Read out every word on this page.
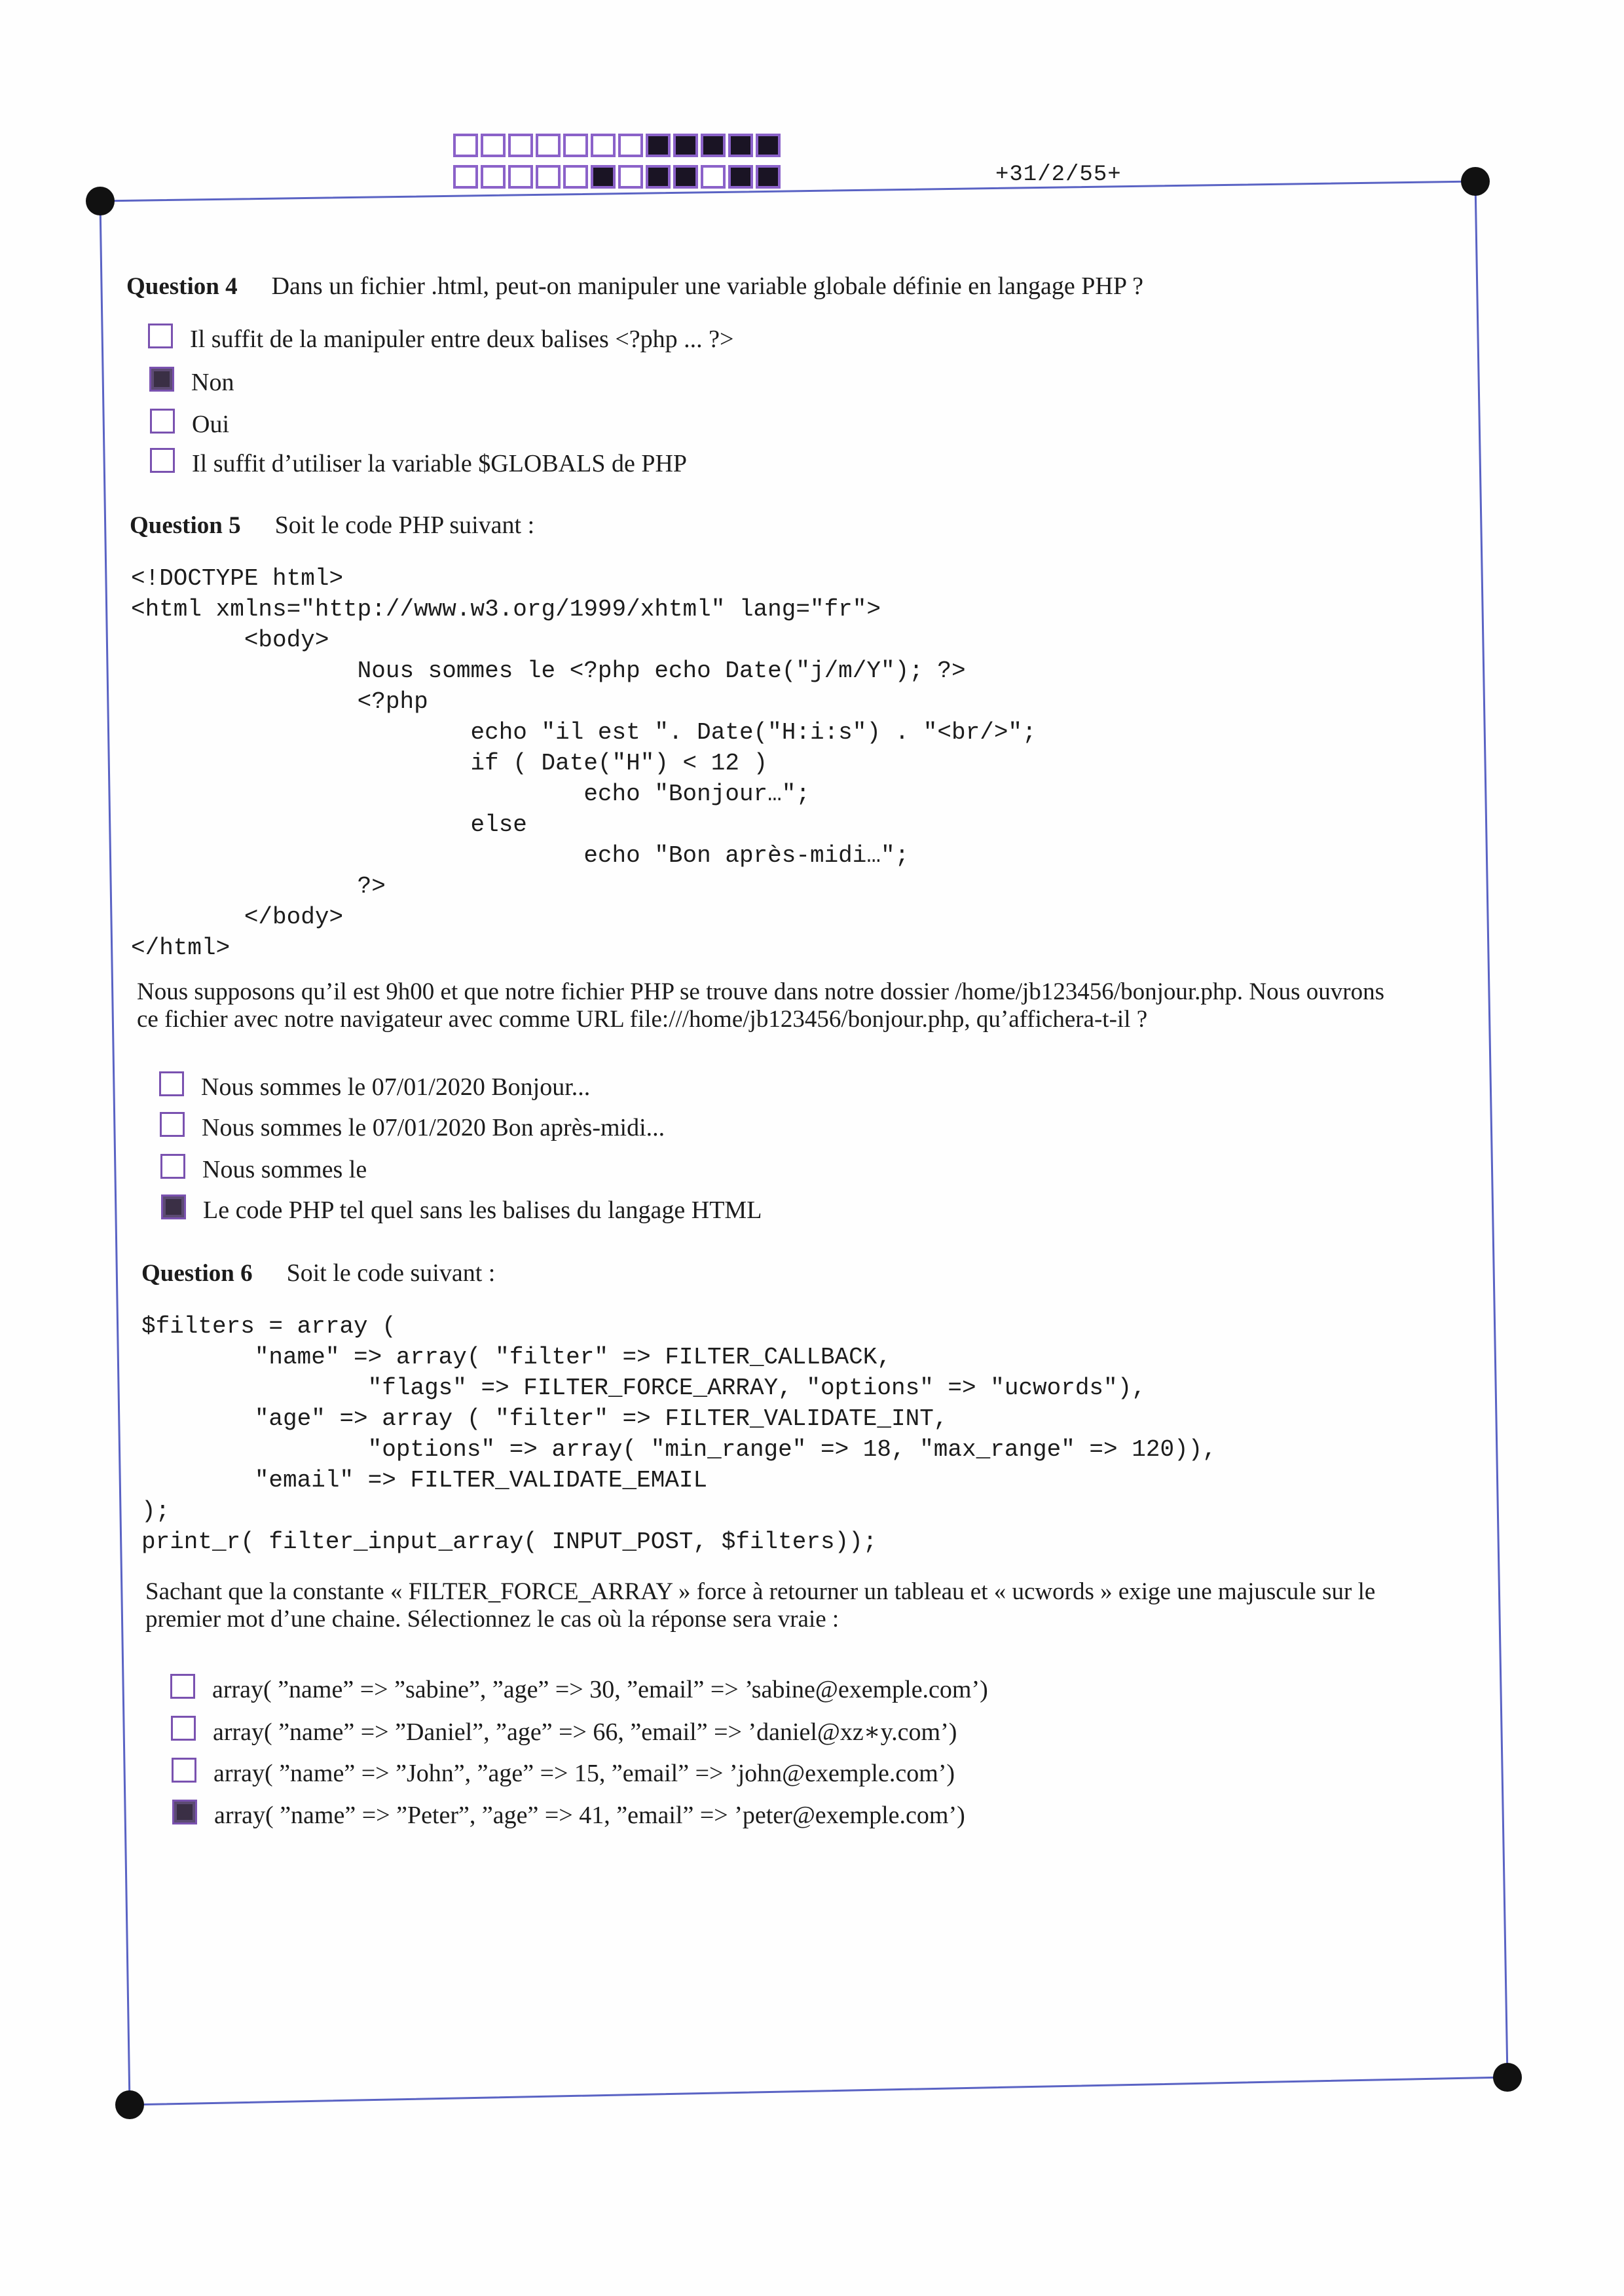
+31/2/55+
Question 4 Dans un fichier .html, peut-on manipuler une variable globale définie en langage PHP ?
Il suffit de la manipuler entre deux balises <?php ... ?>
Non
Oui
Il suffit d’utiliser la variable $GLOBALS de PHP
Question 5 Soit le code PHP suivant :
<!DOCTYPE html>
<html xmlns="http://www.w3.org/1999/xhtml" lang="fr">
<body>
Nous sommes le <?php echo Date("j/m/Y"); ?>
<?php
echo "il est ". Date("H:i:s") . "<br/>";
if ( Date("H") < 12 )
echo "Bonjour…";
else
echo "Bon après-midi…";
?>
</body>
</html>
Nous supposons qu’il est 9h00 et que notre fichier PHP se trouve dans notre dossier /home/jb123456/bonjour.php. Nous ouvrons
ce fichier avec notre navigateur avec comme URL file:///home/jb123456/bonjour.php, qu’affichera-t-il ?
Nous sommes le 07/01/2020 Bonjour...
Nous sommes le 07/01/2020 Bon après-midi...
Nous sommes le
Le code PHP tel quel sans les balises du langage HTML
Question 6 Soit le code suivant :
$filters = array (
"name" => array( "filter" => FILTER_CALLBACK,
"flags" => FILTER_FORCE_ARRAY, "options" => "ucwords"),
"age" => array ( "filter" => FILTER_VALIDATE_INT,
"options" => array( "min_range" => 18, "max_range" => 120)),
"email" => FILTER_VALIDATE_EMAIL
);
print_r( filter_input_array( INPUT_POST, $filters));
Sachant que la constante « FILTER_FORCE_ARRAY » force à retourner un tableau et « ucwords » exige une majuscule sur le
premier mot d’une chaine. Sélectionnez le cas où la réponse sera vraie :
array( ”name” => ”sabine”, ”age” => 30, ”email” => ’sabine@exemple.com’)
array( ”name” => ”Daniel”, ”age” => 66, ”email” => ’daniel@xz∗y.com’)
array( ”name” => ”John”, ”age” => 15, ”email” => ’john@exemple.com’)
array( ”name” => ”Peter”, ”age” => 41, ”email” => ’peter@exemple.com’)
